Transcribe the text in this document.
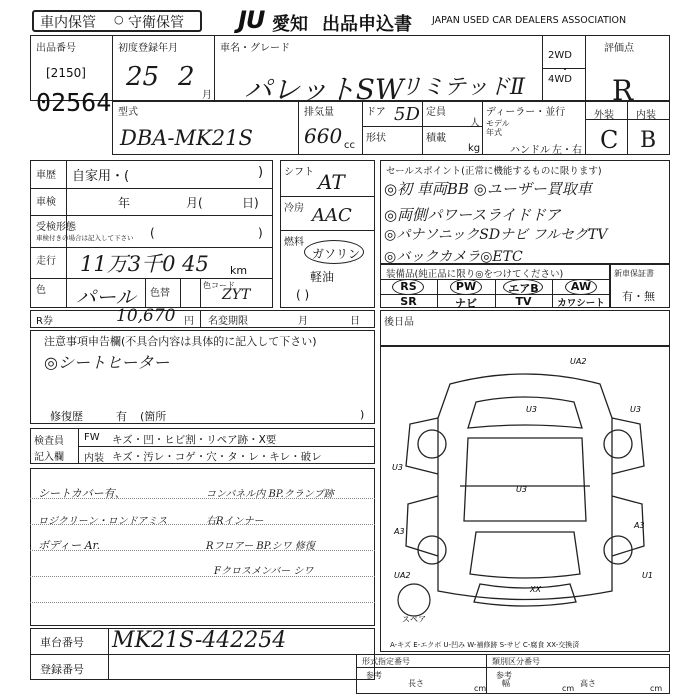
車内保管 守衛保管
○	JU 愛知 出品申込書 JAPAN USED CAR DEALERS ASSOCIATION
出品番号
[2150]
02564
初度登録年月
25 2
月
車名・グレード
パレットSW
リミテッドⅡ
2WD
・
4WD
評価点
R
型式
DBA-MK21S
排気量
660 cc
ドア 5D
形状
定員
人
積載
kg
ディーラー・並行
モデル年式
ハンドル 左・右
外装 内装
C B
車歴 自家用・(	)
車検	年	月(	日)
受検形態
車検付きの場合は記入して下さい (	)
走行 11万3千0 45 km
色 パール 色替
色コード
ZYT
シフト AT
冷房 AAC
燃料
ガソリン
軽油
( )
セールスポイント(正常に機能するものに限ります)
◎初 車両BB ◎ユーザー買取車
◎両側パワースライドドア
◎パナソニックSDナビ フルセグTV
◎バックカメラ◎ETC
装備品(純正品に限り◎をつけてください)
RS	PW	エアB	AW
SR	ナビ	TV	カワシート
新車保証書
有・無
R券	10,670 円 名変期限	月	日 後日品
注意事項申告欄(不具合内容は具体的に記入して下さい)
◎シートヒーター
修復歴	有 (箇所	)
検査員
記入欄
FW キズ・凹・ヒビ割・リペア跡・X要
内装 キズ・汚レ・コゲ・穴・タ・レ・キレ・破レ
シートカバー有、
ロジクリーン・ロンドアミス
ボディー Ar.
コンパネル内 BP.クランプ跡
右Rインナー
Rフロアー BP.シワ 修復
Fクロスメンバー シワ
UA2
U3
U3
U3
A3
A3
UA2
U3
U1
XX
スペア
A-キズ E-エクボ U-凹み W-補修跡 S-サビ C-腐食 XX-交換済
車台番号 MK21S-442254
登録番号
形式指定番号	類別区分番号
参考	参考
長さ
cm
幅
cm
高さ
cm
